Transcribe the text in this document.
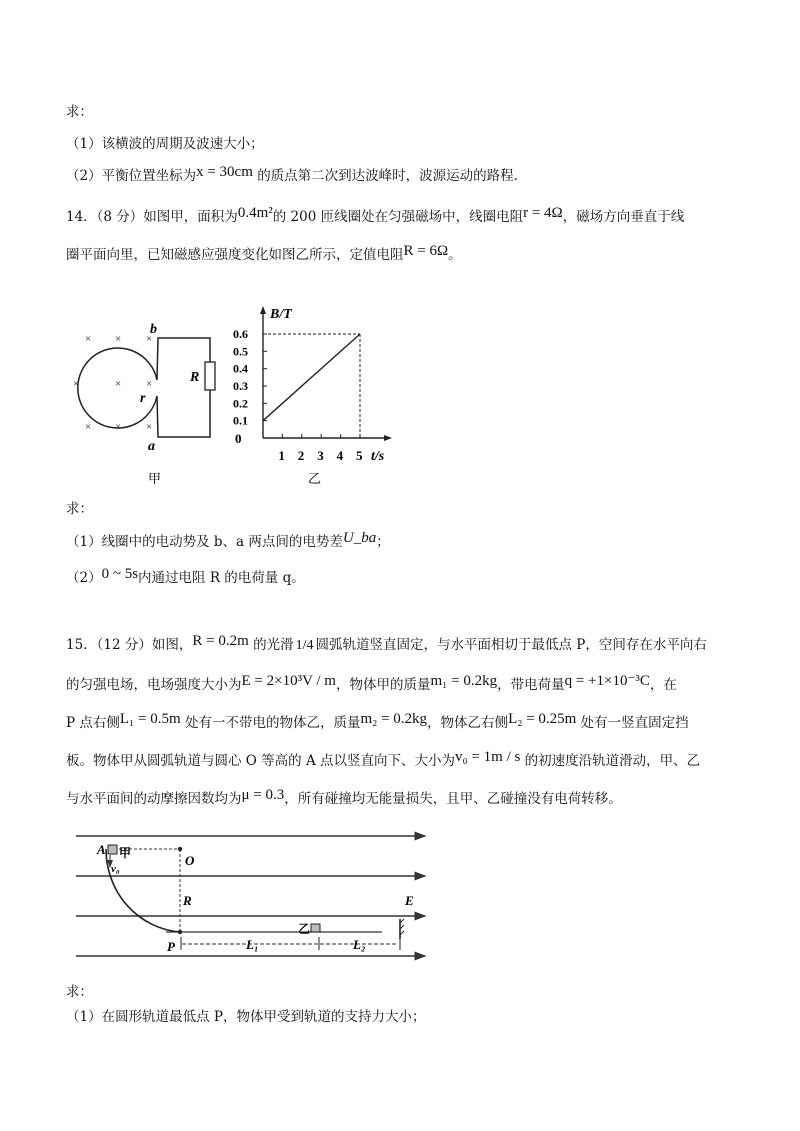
求：
（1）该横波的周期及波速大小；
（2）平衡位置坐标为x = 30cm 的质点第二次到达波峰时，波源运动的路程.
14．（8 分）如图甲，面积为0.4m²的 200 匝线圈处在匀强磁场中，线圈电阻r = 4Ω，磁场方向垂直于线
圈平面向里，已知磁感应强度变化如图乙所示，定值电阻R = 6Ω。
× × ×
×	× ×
× × ×
b
a
r
R
甲
B/T
t/s
0
0.1
0.2
0.3
0.4
0.5
0.6
1 2 3 4 5
乙
求：
（1）线圈中的电动势及 b、a 两点间的电势差U_ba；
（2）0 ~ 5s内通过电阻 R 的电荷量 q。
15．（12 分）如图，R = 0.2m 的光滑 1/4 圆弧轨道竖直固定，与水平面相切于最低点 P，空间存在水平向右
的匀强电场，电场强度大小为E = 2×10³V / m，物体甲的质量m₁ = 0.2kg，带电荷量q = +1×10⁻³C，在
P 点右侧L₁ = 0.5m 处有一不带电的物体乙，质量m₂ = 0.2kg，物体乙右侧L₂ = 0.25m 处有一竖直固定挡
板。物体甲从圆弧轨道与圆心 O 等高的 A 点以竖直向下、大小为v₀ = 1m / s 的初速度沿轨道滑动，甲、乙
与水平面间的动摩擦因数均为μ = 0.3，所有碰撞均无能量损失，且甲、乙碰撞没有电荷转移。
A
O
R	E
P	L₁	L₂
v₀
甲
乙
求：
（1）在圆形轨道最低点 P，物体甲受到轨道的支持力大小；
